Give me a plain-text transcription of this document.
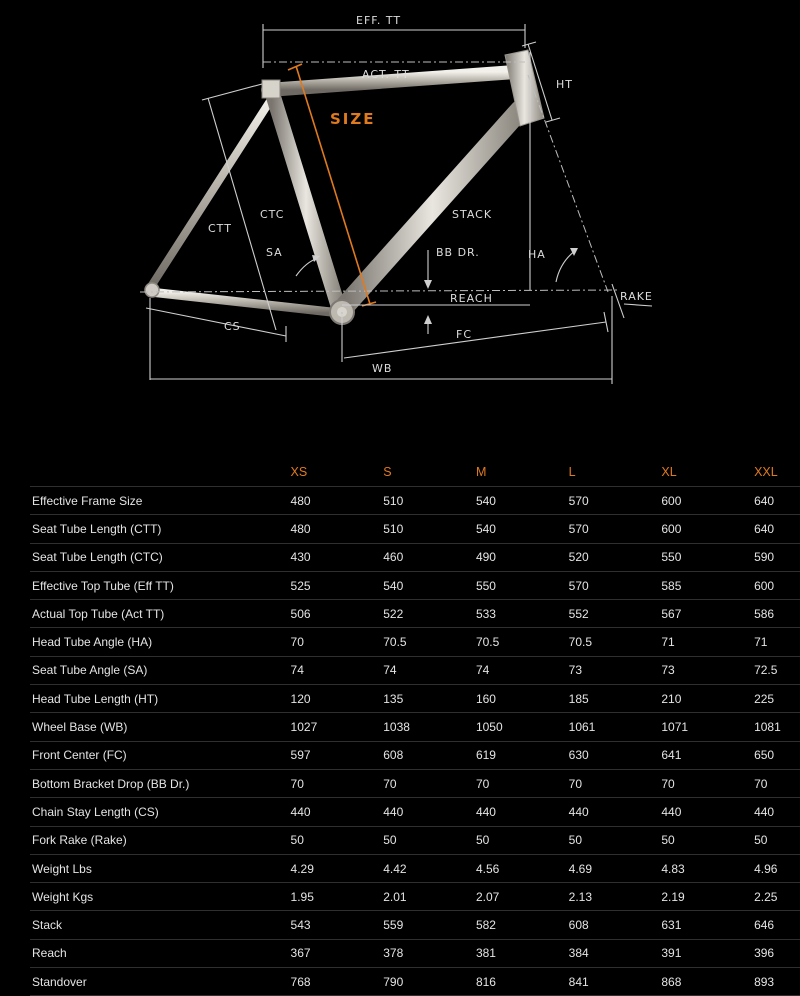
EFF. TT
ACT. TT
HT
SIZE
CTT
CTC
SA
STACK
BB DR.	HA
REACH	RAKE
CS
FC
WB
	XS	S	M	L	XL	XXL
Effective Frame Size	480	510	540	570	600	640
Seat Tube Length (CTT)	480	510	540	570	600	640
Seat Tube Length (CTC)	430	460	490	520	550	590
Effective Top Tube (Eff TT)	525	540	550	570	585	600
Actual Top Tube (Act TT)	506	522	533	552	567	586
Head Tube Angle (HA)	70	70.5	70.5	70.5	71	71
Seat Tube Angle (SA)	74	74	74	73	73	72.5
Head Tube Length (HT)	120	135	160	185	210	225
Wheel Base (WB)	1027	1038	1050	1061	1071	1081
Front Center (FC)	597	608	619	630	641	650
Bottom Bracket Drop (BB Dr.)	70	70	70	70	70	70
Chain Stay Length (CS)	440	440	440	440	440	440
Fork Rake (Rake)	50	50	50	50	50	50
Weight Lbs	4.29	4.42	4.56	4.69	4.83	4.96
Weight Kgs	1.95	2.01	2.07	2.13	2.19	2.25
Stack	543	559	582	608	631	646
Reach	367	378	381	384	391	396
Standover	768	790	816	841	868	893
